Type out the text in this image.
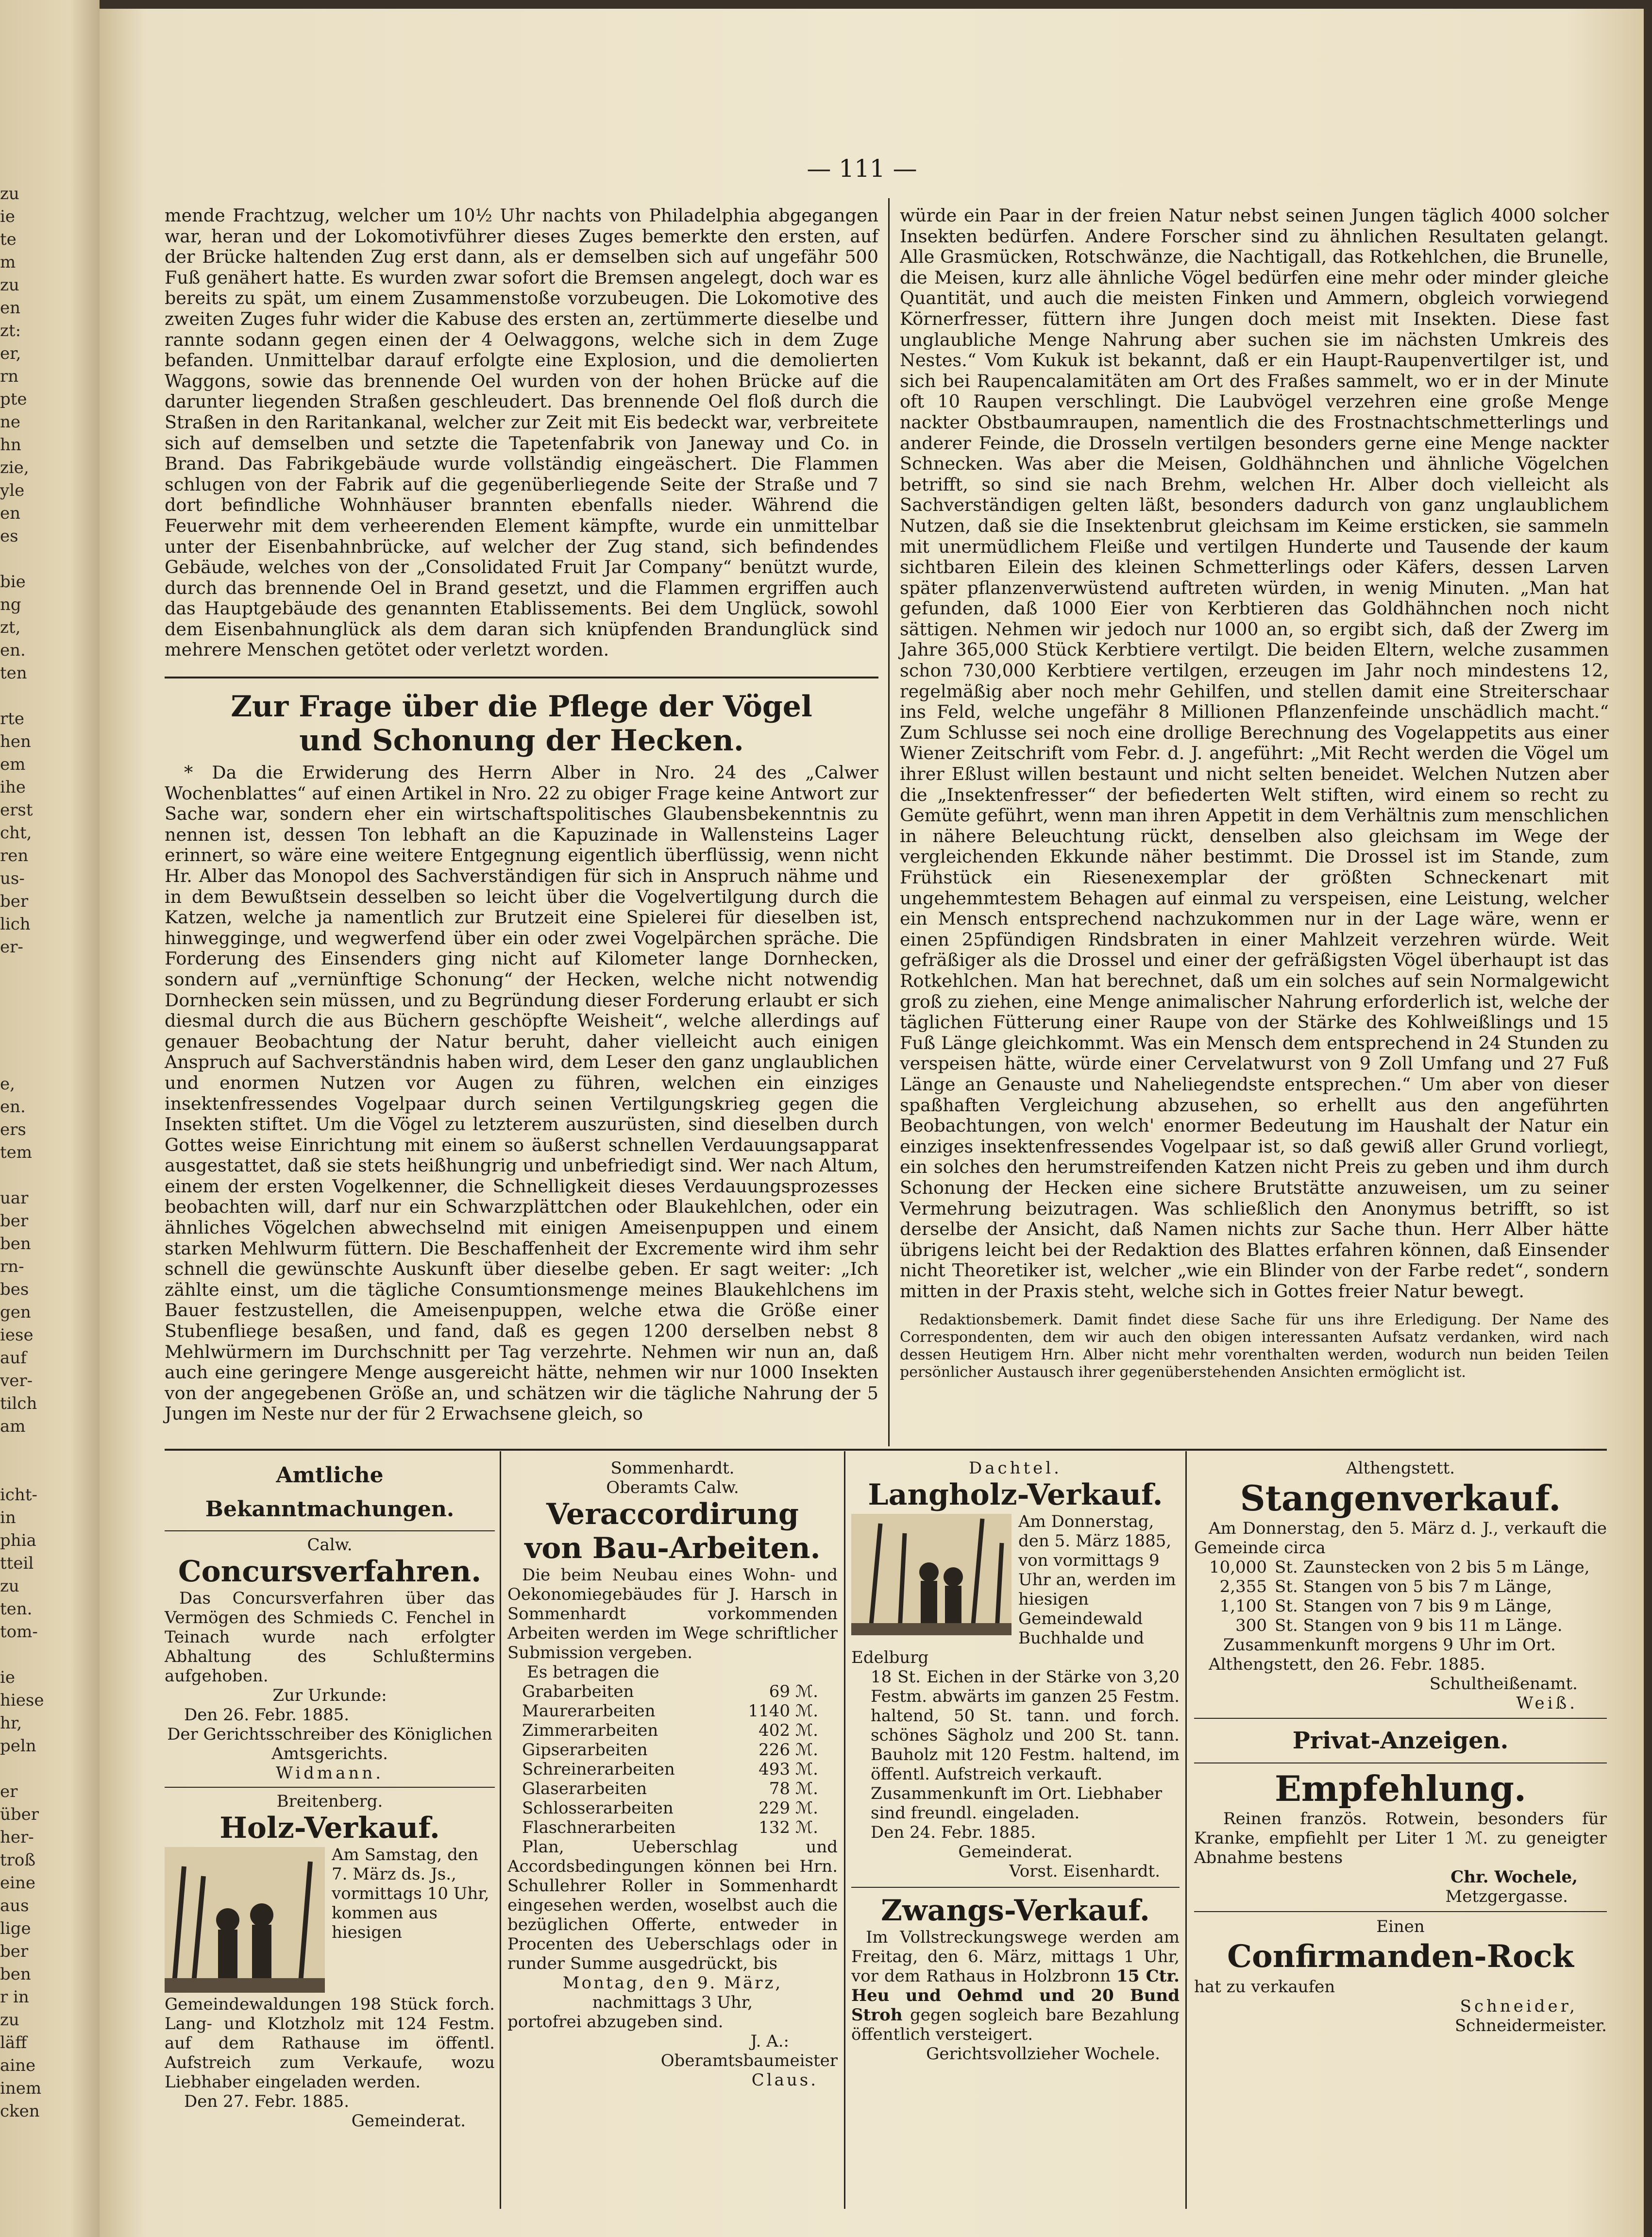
zu
ie
te
m
zu
en
zt:
er,
rn
pte
ne
hn
zie,
yle
en
es
bie
ng
zt,
en.
ten
rte
hen
em
ihe
erst
cht,
ren
us-
ber
lich
er-
e,
en.
ers
tem
uar
ber
ben
rn-
bes
gen
iese
auf
ver-
tilch
am
icht-
in
phia
tteil
zu
ten.
tom-
ie
hiese
hr,
peln
er
über
her-
troß
eine
aus
lige
ber
ben
r in
zu
läff
aine
inem
cken
— 111 —

mende Frachtzug, welcher um 10½ Uhr nachts von Philadelphia abgegangen war, heran und der Lokomotivführer dieses Zuges bemerkte den ersten, auf der Brücke haltenden Zug erst dann, als er demselben sich auf ungefähr 500 Fuß genähert hatte. Es wurden zwar sofort die Bremsen angelegt, doch war es bereits zu spät, um einem Zusammenstoße vorzubeugen. Die Lokomotive des zweiten Zuges fuhr wider die Kabuse des ersten an, zertümmerte dieselbe und rannte sodann gegen einen der 4 Oelwaggons, welche sich in dem Zuge befanden. Unmittelbar darauf erfolgte eine Explosion, und die demolierten Waggons, sowie das brennende Oel wurden von der hohen Brücke auf die darunter liegenden Straßen geschleudert. Das brennende Oel floß durch die Straßen in den Raritankanal, welcher zur Zeit mit Eis bedeckt war, verbreitete sich auf demselben und setzte die Tapetenfabrik von Janeway und Co. in Brand. Das Fabrikgebäude wurde vollständig eingeäschert. Die Flammen schlugen von der Fabrik auf die gegenüberliegende Seite der Straße und 7 dort befindliche Wohnhäuser brannten ebenfalls nieder. Während die Feuerwehr mit dem verheerenden Element kämpfte, wurde ein unmittelbar unter der Eisenbahnbrücke, auf welcher der Zug stand, sich befindendes Gebäude, welches von der „Consolidated Fruit Jar Company“ benützt wurde, durch das brennende Oel in Brand gesetzt, und die Flammen ergriffen auch das Hauptgebäude des genannten Etablissements. Bei dem Unglück, sowohl dem Eisenbahnunglück als dem daran sich knüpfenden Brandunglück sind mehrere Menschen getötet oder verletzt worden.

Zur Frage über die Pflege der Vögel
und Schonung der Hecken.

* Da die Erwiderung des Herrn Alber in Nro. 24 des „Calwer Wochenblattes“ auf einen Artikel in Nro. 22 zu obiger Frage keine Antwort zur Sache war, sondern eher ein wirtschaftspolitisches Glaubensbekenntnis zu nennen ist, dessen Ton lebhaft an die Kapuzinade in Wallensteins Lager erinnert, so wäre eine weitere Entgegnung eigentlich überflüssig, wenn nicht Hr. Alber das Monopol des Sachverständigen für sich in Anspruch nähme und in dem Bewußtsein desselben so leicht über die Vogelvertilgung durch die Katzen, welche ja namentlich zur Brutzeit eine Spielerei für dieselben ist, hinwegginge, und wegwerfend über ein oder zwei Vogelpärchen spräche. Die Forderung des Einsenders ging nicht auf Kilometer lange Dornhecken, sondern auf „vernünftige Schonung“ der Hecken, welche nicht notwendig Dornhecken sein müssen, und zu Begründung dieser Forderung erlaubt er sich diesmal durch die aus Büchern geschöpfte Weisheit“, welche allerdings auf genauer Beobachtung der Natur beruht, daher vielleicht auch einigen Anspruch auf Sachverständnis haben wird, dem Leser den ganz unglaublichen und enormen Nutzen vor Augen zu führen, welchen ein einziges insektenfressendes Vogelpaar durch seinen Vertilgungskrieg gegen die Insekten stiftet. Um die Vögel zu letzterem auszurüsten, sind dieselben durch Gottes weise Einrichtung mit einem so äußerst schnellen Verdauungsapparat ausgestattet, daß sie stets heißhungrig und unbefriedigt sind. Wer nach Altum, einem der ersten Vogelkenner, die Schnelligkeit dieses Verdauungsprozesses beobachten will, darf nur ein Schwarzplättchen oder Blaukehlchen, oder ein ähnliches Vögelchen abwechselnd mit einigen Ameisenpuppen und einem starken Mehlwurm füttern. Die Beschaffenheit der Excremente wird ihm sehr schnell die gewünschte Auskunft über dieselbe geben. Er sagt weiter: „Ich zählte einst, um die tägliche Consumtionsmenge meines Blaukehlchens im Bauer festzustellen, die Ameisenpuppen, welche etwa die Größe einer Stubenfliege besaßen, und fand, daß es gegen 1200 derselben nebst 8 Mehlwürmern im Durchschnitt per Tag verzehrte. Nehmen wir nun an, daß auch eine geringere Menge ausgereicht hätte, nehmen wir nur 1000 Insekten von der angegebenen Größe an, und schätzen wir die tägliche Nahrung der 5 Jungen im Neste nur der für 2 Erwachsene gleich, so

würde ein Paar in der freien Natur nebst seinen Jungen täglich 4000 solcher Insekten bedürfen. Andere Forscher sind zu ähnlichen Resultaten gelangt. Alle Grasmücken, Rotschwänze, die Nachtigall, das Rotkehlchen, die Brunelle, die Meisen, kurz alle ähnliche Vögel bedürfen eine mehr oder minder gleiche Quantität, und auch die meisten Finken und Ammern, obgleich vorwiegend Körnerfresser, füttern ihre Jungen doch meist mit Insekten. Diese fast unglaubliche Menge Nahrung aber suchen sie im nächsten Umkreis des Nestes.“ Vom Kukuk ist bekannt, daß er ein Haupt-Raupenvertilger ist, und sich bei Raupencalamitäten am Ort des Fraßes sammelt, wo er in der Minute oft 10 Raupen verschlingt. Die Laubvögel verzehren eine große Menge nackter Obstbaumraupen, namentlich die des Frostnachtschmetterlings und anderer Feinde, die Drosseln vertilgen besonders gerne eine Menge nackter Schnecken. Was aber die Meisen, Goldhähnchen und ähnliche Vögelchen betrifft, so sind sie nach Brehm, welchen Hr. Alber doch vielleicht als Sachverständigen gelten läßt, besonders dadurch von ganz unglaublichem Nutzen, daß sie die Insektenbrut gleichsam im Keime ersticken, sie sammeln mit unermüdlichem Fleiße und vertilgen Hunderte und Tausende der kaum sichtbaren Eilein des kleinen Schmetterlings oder Käfers, dessen Larven später pflanzenverwüstend auftreten würden, in wenig Minuten. „Man hat gefunden, daß 1000 Eier von Kerbtieren das Goldhähnchen noch nicht sättigen. Nehmen wir jedoch nur 1000 an, so ergibt sich, daß der Zwerg im Jahre 365,000 Stück Kerbtiere vertilgt. Die beiden Eltern, welche zusammen schon 730,000 Kerbtiere vertilgen, erzeugen im Jahr noch mindestens 12, regelmäßig aber noch mehr Gehilfen, und stellen damit eine Streiterschaar ins Feld, welche ungefähr 8 Millionen Pflanzenfeinde unschädlich macht.“ Zum Schlusse sei noch eine drollige Berechnung des Vogelappetits aus einer Wiener Zeitschrift vom Febr. d. J. angeführt: „Mit Recht werden die Vögel um ihrer Eßlust willen bestaunt und nicht selten beneidet. Welchen Nutzen aber die „Insektenfresser“ der befiederten Welt stiften, wird einem so recht zu Gemüte geführt, wenn man ihren Appetit in dem Verhältnis zum menschlichen in nähere Beleuchtung rückt, denselben also gleichsam im Wege der vergleichenden Ekkunde näher bestimmt. Die Drossel ist im Stande, zum Frühstück ein Riesenexemplar der größten Schneckenart mit ungehemmtestem Behagen auf einmal zu verspeisen, eine Leistung, welcher ein Mensch entsprechend nachzukommen nur in der Lage wäre, wenn er einen 25pfündigen Rindsbraten in einer Mahlzeit verzehren würde. Weit gefräßiger als die Drossel und einer der gefräßigsten Vögel überhaupt ist das Rotkehlchen. Man hat berechnet, daß um ein solches auf sein Normalgewicht groß zu ziehen, eine Menge animalischer Nahrung erforderlich ist, welche der täglichen Fütterung einer Raupe von der Stärke des Kohlweißlings und 15 Fuß Länge gleichkommt. Was ein Mensch dem entsprechend in 24 Stunden zu verspeisen hätte, würde einer Cervelatwurst von 9 Zoll Umfang und 27 Fuß Länge an Genauste und Naheliegendste entsprechen.“ Um aber von dieser spaßhaften Vergleichung abzusehen, so erhellt aus den angeführten Beobachtungen, von welch' enormer Bedeutung im Haushalt der Natur ein einziges insektenfressendes Vogelpaar ist, so daß gewiß aller Grund vorliegt, ein solches den herumstreifenden Katzen nicht Preis zu geben und ihm durch Schonung der Hecken eine sichere Brutstätte anzuweisen, um zu seiner Vermehrung beizutragen. Was schließlich den Anonymus betrifft, so ist derselbe der Ansicht, daß Namen nichts zur Sache thun. Herr Alber hätte übrigens leicht bei der Redaktion des Blattes erfahren können, daß Einsender nicht Theoretiker ist, welcher „wie ein Blinder von der Farbe redet“, sondern mitten in der Praxis steht, welche sich in Gottes freier Natur bewegt.

Redaktionsbemerk. Damit findet diese Sache für uns ihre Erledigung. Der Name des Correspondenten, dem wir auch den obigen interessanten Aufsatz verdanken, wird nach dessen Heutigem Hrn. Alber nicht mehr vorenthalten werden, wodurch nun beiden Teilen persönlicher Austausch ihrer gegenüberstehenden Ansichten ermöglicht ist.

Amtliche Bekanntmachungen.
Calw.
Concursverfahren.
Das Concursverfahren über das Vermögen des Schmieds C. Fenchel in Teinach wurde nach erfolgter Abhaltung des Schlußtermins aufgehoben.
Zur Urkunde:
Den 26. Febr. 1885.
Der Gerichtsschreiber des Königlichen Amtsgerichts.
Widmann.
Breitenberg.
Holz-Verkauf.
Am Samstag, den 7. März ds. Js., vormittags 10 Uhr, kommen aus hiesigen
Gemeindewaldungen 198 Stück forch. Lang- und Klotzholz mit 124 Festm. auf dem Rathause im öffentl. Aufstreich zum Verkaufe, wozu Liebhaber eingeladen werden.
Den 27. Febr. 1885.
Gemeinderat.
Sommenhardt.
Oberamts Calw.
Veraccordirung
von Bau-Arbeiten.
Die beim Neubau eines Wohn- und Oekonomiegebäudes für J. Harsch in Sommenhardt vorkommenden Arbeiten werden im Wege schriftlicher Submission vergeben.
Es betragen die
Grabarbeiten	69 ℳ.
Maurerarbeiten	1140 ℳ.
Zimmerarbeiten	402 ℳ.
Gipserarbeiten	226 ℳ.
Schreinerarbeiten	493 ℳ.
Glaserarbeiten	78 ℳ.
Schlosserarbeiten	229 ℳ.
Flaschnerarbeiten	132 ℳ.
Plan, Ueberschlag und Accordsbedingungen können bei Hrn. Schullehrer Roller in Sommenhardt eingesehen werden, woselbst auch die bezüglichen Offerte, entweder in Procenten des Ueberschlags oder in runder Summe ausgedrückt, bis
Montag, den 9. März,
nachmittags 3 Uhr,
portofrei abzugeben sind.
J. A.:
Oberamtsbaumeister
Claus.
Dachtel.
Langholz-Verkauf.
Am Donnerstag, den 5. März 1885, von vormittags 9 Uhr an, werden im hiesigen Gemeindewald Buchhalde und Edelburg
18 St. Eichen in der Stärke von 3,20 Festm. abwärts im ganzen 25 Festm. haltend, 50 St. tann. und forch. schönes Sägholz und 200 St. tann. Bauholz mit 120 Festm. haltend, im öffentl. Aufstreich verkauft.
Zusammenkunft im Ort. Liebhaber sind freundl. eingeladen.
Den 24. Febr. 1885.
Gemeinderat.
Vorst. Eisenhardt.
Zwangs-Verkauf.
Im Vollstreckungswege werden am Freitag, den 6. März, mittags 1 Uhr, vor dem Rathaus in Holzbronn 15 Ctr. Heu und Oehmd und 20 Bund Stroh gegen sogleich bare Bezahlung öffentlich versteigert.
Gerichtsvollzieher Wochele.
Althengstett.
Stangenverkauf.
Am Donnerstag, den 5. März d. J., verkauft die Gemeinde circa
10,000 St. Zaunstecken von 2 bis 5 m Länge,
2,355 St. Stangen von 5 bis 7 m Länge,
1,100 St. Stangen von 7 bis 9 m Länge,
300 St. Stangen von 9 bis 11 m Länge.
Zusammenkunft morgens 9 Uhr im Ort.
Althengstett, den 26. Febr. 1885.
Schultheißenamt.
Weiß.
Privat-Anzeigen.
Empfehlung.
Reinen französ. Rotwein, besonders für Kranke, empfiehlt per Liter 1 ℳ. zu geneigter Abnahme bestens
Chr. Wochele,
Metzgergasse.
Einen
Confirmanden-Rock
hat zu verkaufen
Schneider,
Schneidermeister.
